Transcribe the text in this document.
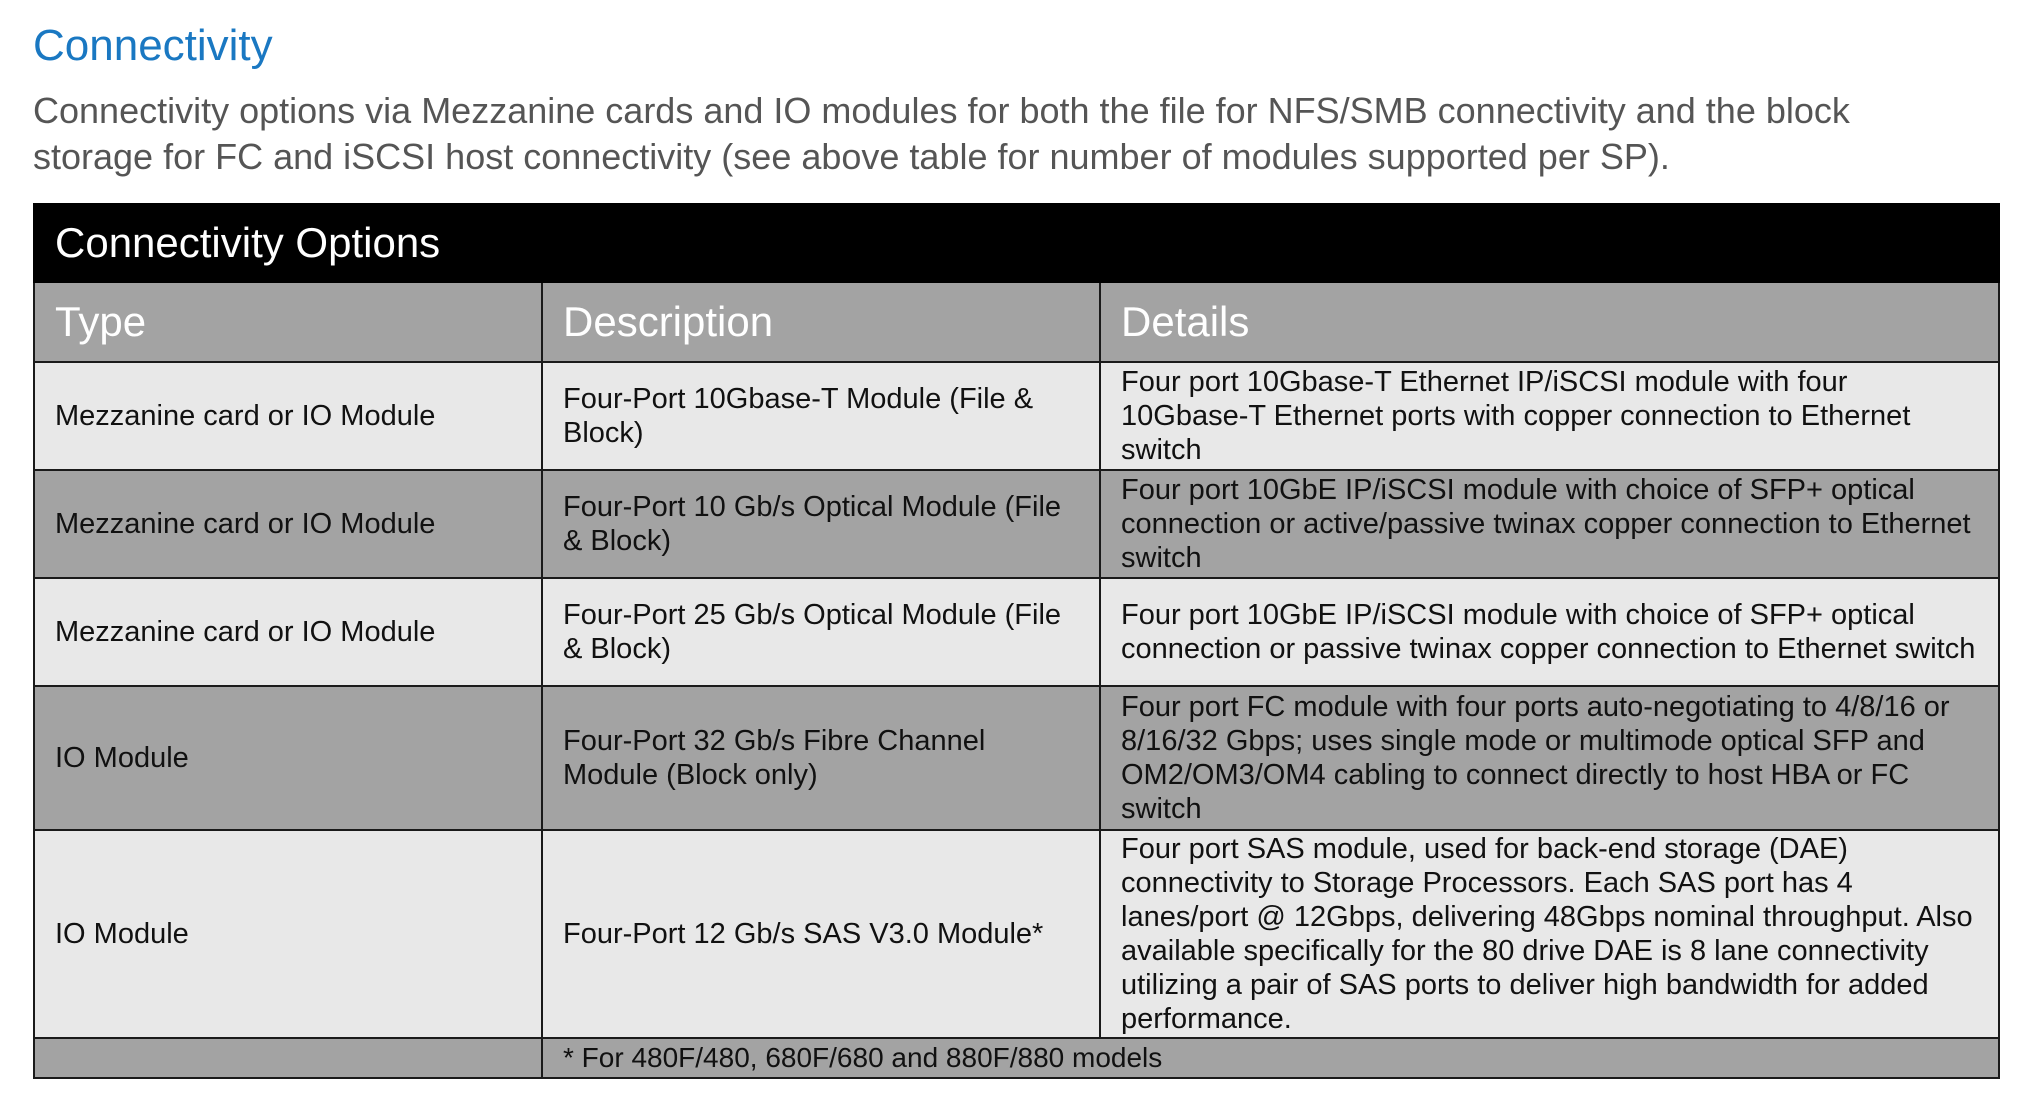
Connectivity

Connectivity options via Mezzanine cards and IO modules for both the file for NFS/SMB connectivity and the block storage for FC and iSCSI host connectivity (see above table for number of modules supported per SP).

Connectivity Options		
Type	Description	Details
Mezzanine card or IO Module	Four-Port 10Gbase-T Module (File & Block)	Four port 10Gbase-T Ethernet IP/iSCSI module with four 10Gbase-T Ethernet ports with copper connection to Ethernet switch
Mezzanine card or IO Module	Four-Port 10 Gb/s Optical Module (File & Block)	Four port 10GbE IP/iSCSI module with choice of SFP+ optical connection or active/passive twinax copper connection to Ethernet switch
Mezzanine card or IO Module	Four-Port 25 Gb/s Optical Module (File & Block)	Four port 10GbE IP/iSCSI module with choice of SFP+ optical connection or passive twinax copper connection to Ethernet switch
IO Module	Four-Port 32 Gb/s Fibre Channel Module (Block only)	Four port FC module with four ports auto-negotiating to 4/8/16 or 8/16/32 Gbps; uses single mode or multimode optical SFP and OM2/OM3/OM4 cabling to connect directly to host HBA or FC switch
IO Module	Four-Port 12 Gb/s SAS V3.0 Module*	Four port SAS module, used for back-end storage (DAE) connectivity to Storage Processors. Each SAS port has 4 lanes/port @ 12Gbps, delivering 48Gbps nominal throughput. Also available specifically for the 80 drive DAE is 8 lane connectivity utilizing a pair of SAS ports to deliver high bandwidth for added performance.
	* For 480F/480, 680F/680 and 880F/880 models	
